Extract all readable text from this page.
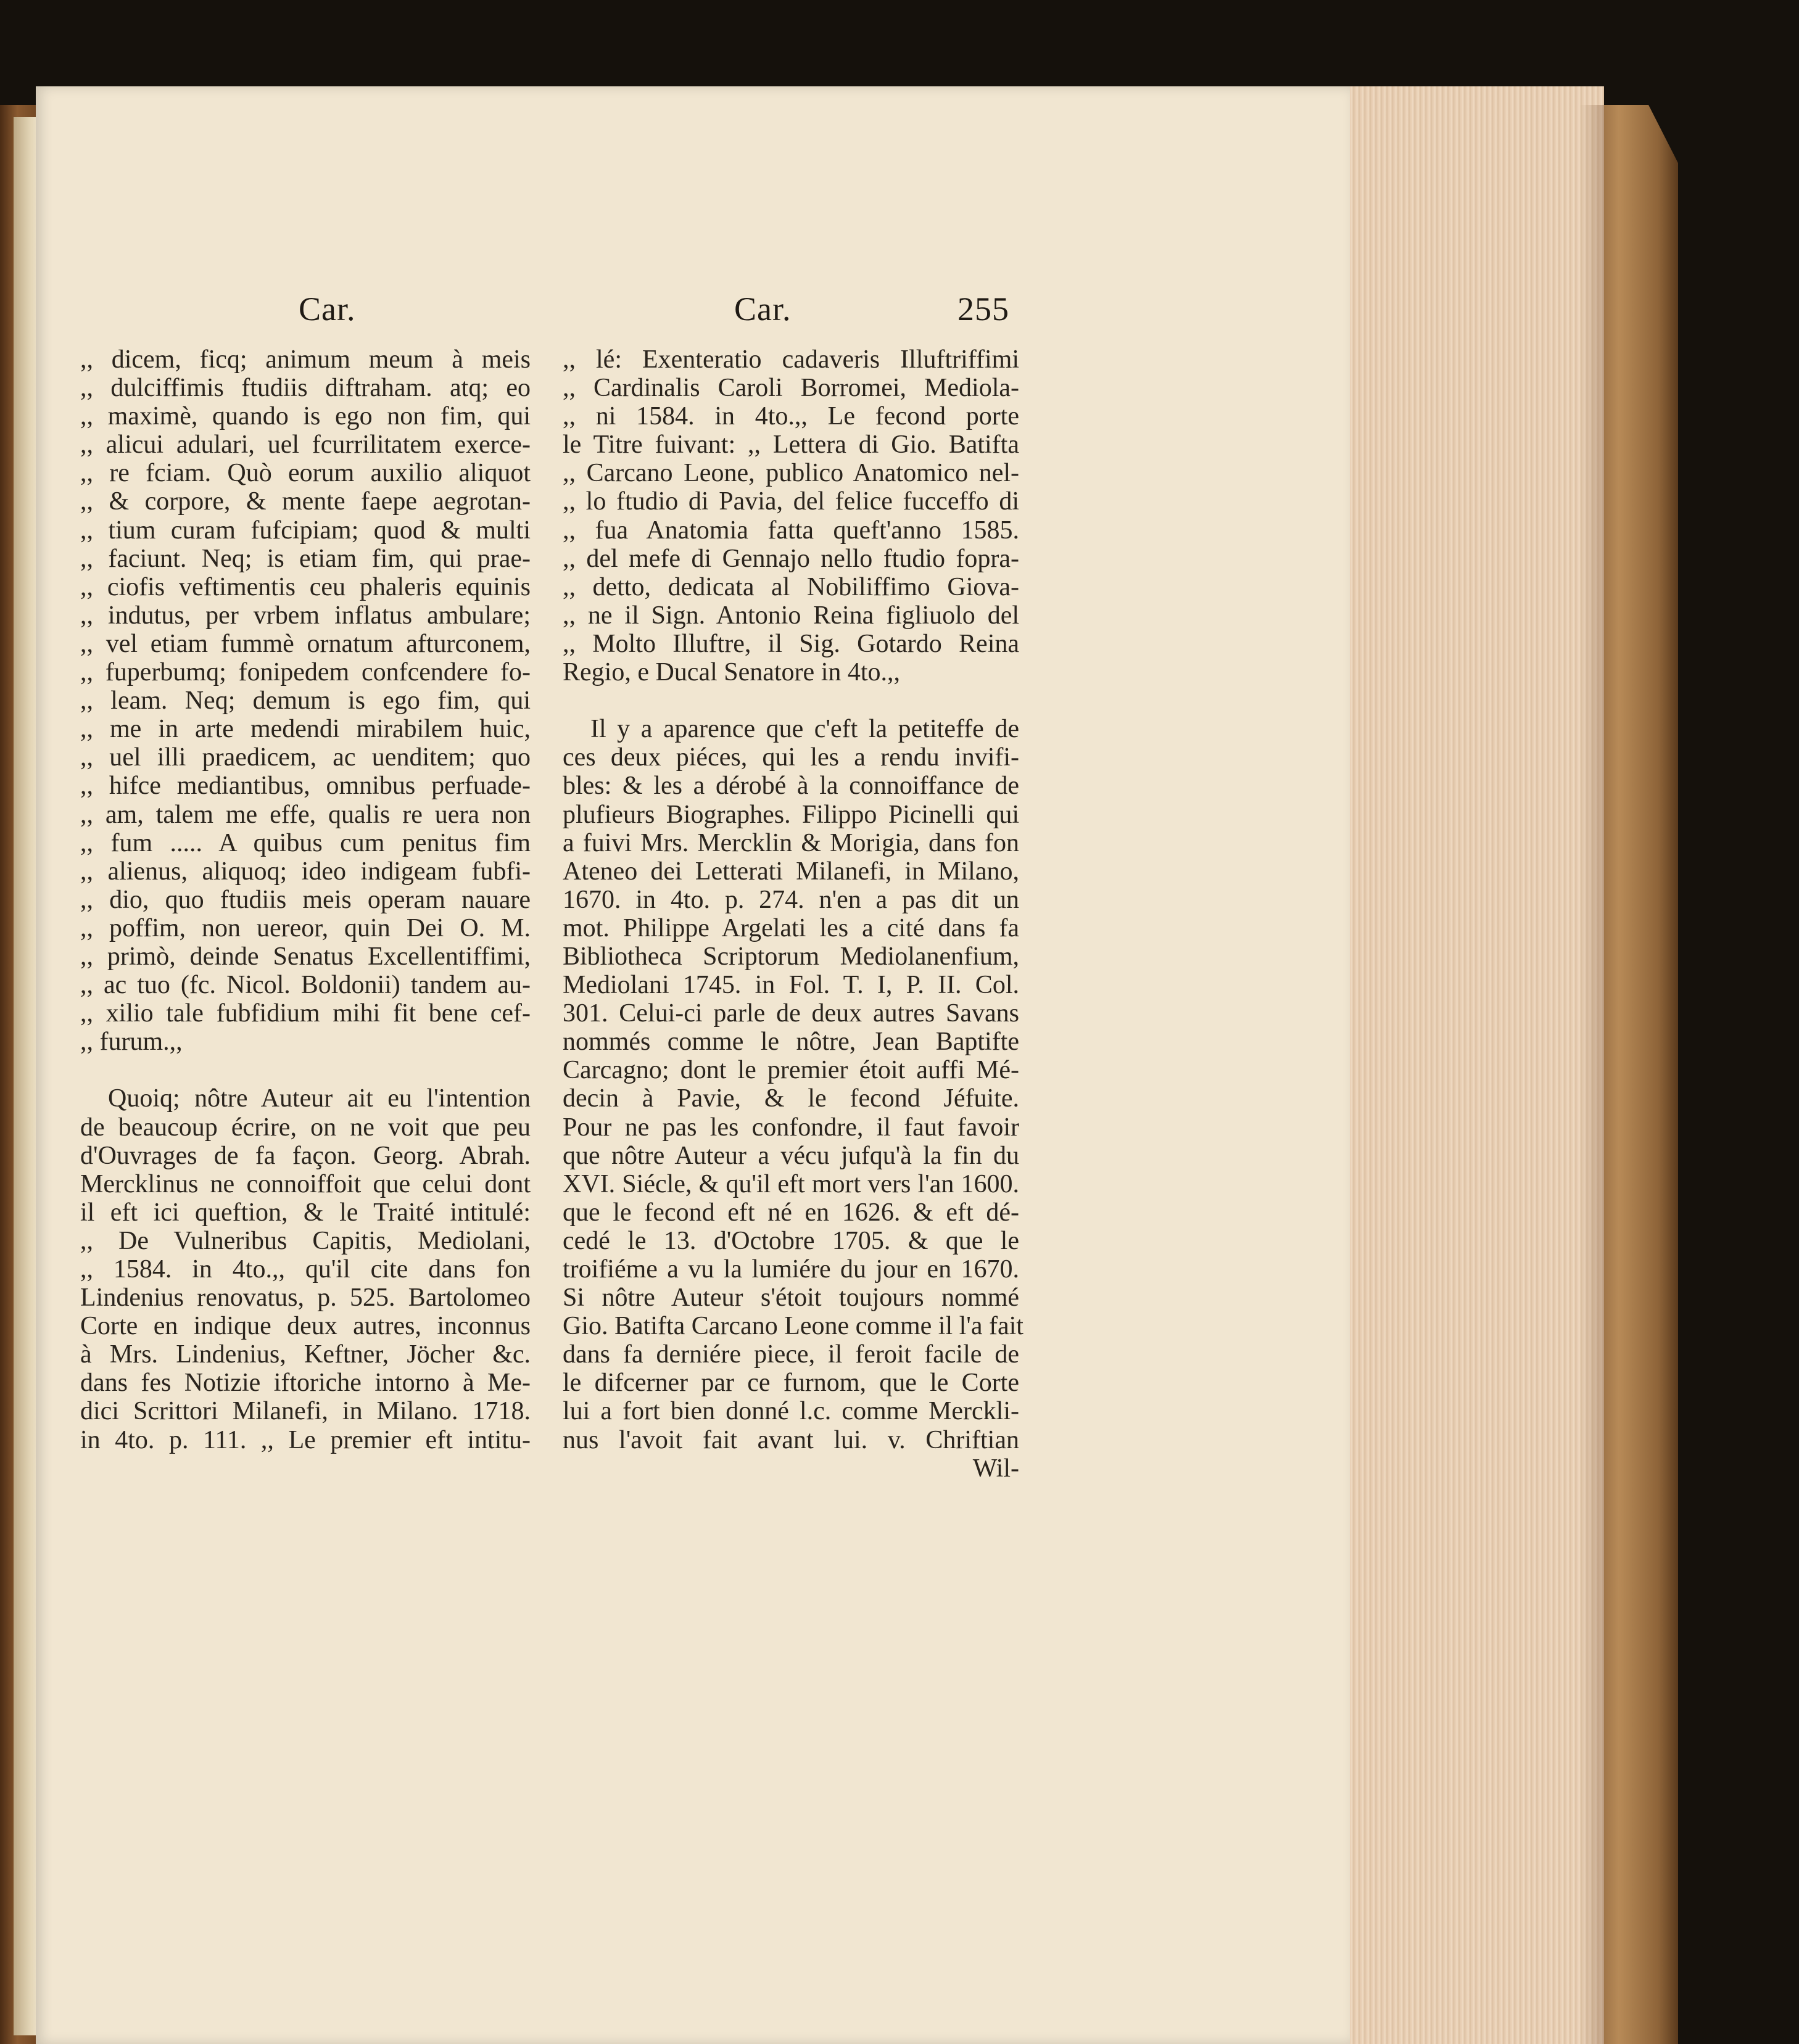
Car.	Car.	255
,, dicem, ficq; animum meum à meis
,, dulciffimis ftudiis diftraham. atq; eo
,, maximè, quando is ego non fim, qui
,, alicui adulari, uel fcurrilitatem exerce-
,, re fciam. Quò eorum auxilio aliquot
,, & corpore, & mente faepe aegrotan-
,, tium curam fufcipiam; quod & multi
,, faciunt. Neq; is etiam fim, qui prae-
,, ciofis veftimentis ceu phaleris equinis
,, indutus, per vrbem inflatus ambulare;
,, vel etiam fummè ornatum afturconem,
,, fuperbumq; fonipedem confcendere fo-
,, leam. Neq; demum is ego fim, qui
,, me in arte medendi mirabilem huic,
,, uel illi praedicem, ac uenditem; quo
,, hifce mediantibus, omnibus perfuade-
,, am, talem me effe, qualis re uera non
,, fum ..... A quibus cum penitus fim
,, alienus, aliquoq; ideo indigeam fubfi-
,, dio, quo ftudiis meis operam nauare
,, poffim, non uereor, quin Dei O. M.
,, primò, deinde Senatus Excellentiffimi,
,, ac tuo (fc. Nicol. Boldonii) tandem au-
,, xilio tale fubfidium mihi fit bene cef-
,, furum.,,
Quoiq; nôtre Auteur ait eu l'intention
de beaucoup écrire, on ne voit que peu
d'Ouvrages de fa façon. Georg. Abrah.
Mercklinus ne connoiffoit que celui dont
il eft ici queftion, & le Traité intitulé:
,, De Vulneribus Capitis, Mediolani,
,, 1584. in 4to.,, qu'il cite dans fon
Lindenius renovatus, p. 525. Bartolomeo
Corte en indique deux autres, inconnus
à Mrs. Lindenius, Keftner, Jöcher &c.
dans fes Notizie iftoriche intorno à Me-
dici Scrittori Milanefi, in Milano. 1718.
in 4to. p. 111. ,, Le premier eft intitu-
,, lé: Exenteratio cadaveris Illuftriffimi
,, Cardinalis Caroli Borromei, Mediola-
,, ni 1584. in 4to.,, Le fecond porte
le Titre fuivant: ,, Lettera di Gio. Batifta
,, Carcano Leone, publico Anatomico nel-
,, lo ftudio di Pavia, del felice fucceffo di
,, fua Anatomia fatta queft'anno 1585.
,, del mefe di Gennajo nello ftudio fopra-
,, detto, dedicata al Nobiliffimo Giova-
,, ne il Sign. Antonio Reina figliuolo del
,, Molto Illuftre, il Sig. Gotardo Reina
Regio, e Ducal Senatore in 4to.,,
Il y a aparence que c'eft la petiteffe de
ces deux piéces, qui les a rendu invifi-
bles: & les a dérobé à la connoiffance de
plufieurs Biographes. Filippo Picinelli qui
a fuivi Mrs. Mercklin & Morigia, dans fon
Ateneo dei Letterati Milanefi, in Milano,
1670. in 4to. p. 274. n'en a pas dit un
mot. Philippe Argelati les a cité dans fa
Bibliotheca Scriptorum Mediolanenfium,
Mediolani 1745. in Fol. T. I, P. II. Col.
301. Celui-ci parle de deux autres Savans
nommés comme le nôtre, Jean Baptifte
Carcagno; dont le premier étoit auffi Mé-
decin à Pavie, & le fecond Jéfuite.
Pour ne pas les confondre, il faut favoir
que nôtre Auteur a vécu jufqu'à la fin du
XVI. Siécle, & qu'il eft mort vers l'an 1600.
que le fecond eft né en 1626. & eft dé-
cedé le 13. d'Octobre 1705. & que le
troifiéme a vu la lumiére du jour en 1670.
Si nôtre Auteur s'étoit toujours nommé
Gio. Batifta Carcano Leone comme il l'a fait
dans fa derniére piece, il feroit facile de
le difcerner par ce furnom, que le Corte
lui a fort bien donné l.c. comme Merckli-
nus l'avoit fait avant lui. v. Chriftian
Wil-
